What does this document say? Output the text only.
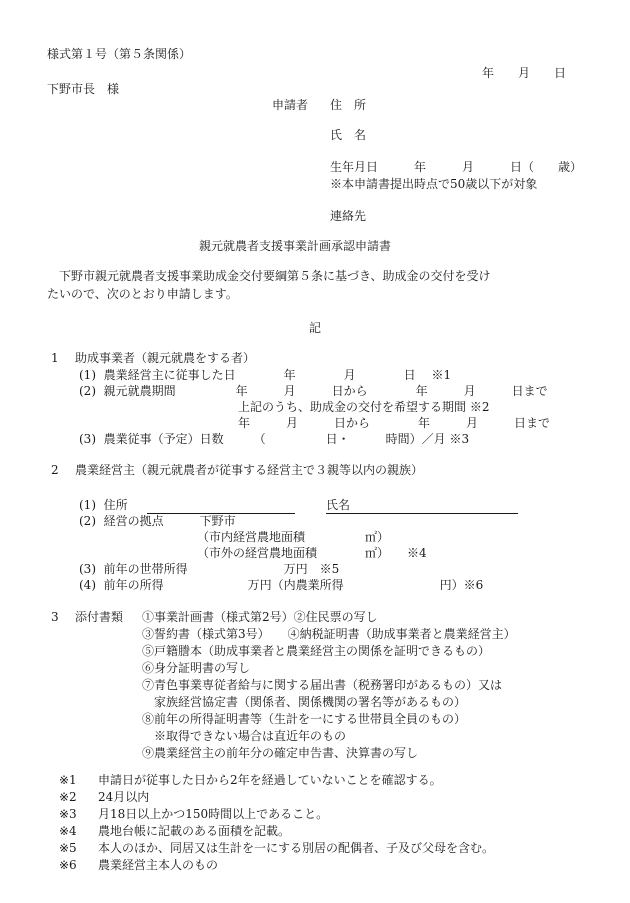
様式第１号（第５条関係）
年　　月　　日
下野市長　様
申請者 住　所
氏　名
生年月日　　　年　　　月　　　日（　　歳）
※本申請書提出時点で50歳以下が対象
連絡先
親元就農者支援事業計画承認申請書
下野市親元就農者支援事業助成金交付要綱第５条に基づき、助成金の交付を受け
たいので、次のとおり申請します。
記
1 助成事業者（親元就農をする者）
(1)  農業経営主に従事した日　　　　年　　　　月　　　　日　 ※1
(2)  親元就農期間　　　　　年　　　月　　　日から　　　　年　　　月　　　日まで
上記のうち、助成金の交付を希望する期間 ※2
年　　　月　　　日から　　　　年　　　月　　　日まで
(3)  農業従事（予定）日数　　　（　　　　　日・　　　時間）／月 ※3
2 農業経営主（親元就農者が従事する経営主で３親等以内の親族）
(1)  住所	氏名
(2)  経営の拠点　　　下野市
（市内経営農地面積　　　　　㎡）
（市外の経営農地面積　　　　㎡）　　※4
(3)  前年の世帯所得　　　　　　　　万円　※5
(4)  前年の所得　　　　　　　万円（内農業所得　　　　　　　　円）※6
3 添付書類 ①事業計画書（様式第2号）②住民票の写し
③誓約書（様式第3号）　　④納税証明書（助成事業者と農業経営主）
⑤戸籍謄本（助成事業者と農業経営主の関係を証明できるもの）
⑥身分証明書の写し
⑦青色事業専従者給与に関する届出書（税務署印があるもの）又は
　家族経営協定書（関係者、関係機関の署名等があるもの）
⑧前年の所得証明書等（生計を一にする世帯員全員のもの）
　※取得できない場合は直近年のもの
⑨農業経営主の前年分の確定申告書、決算書の写し
※1 申請日が従事した日から2年を経過していないことを確認する。
※2 24月以内
※3 月18日以上かつ150時間以上であること。
※4 農地台帳に記載のある面積を記載。
※5 本人のほか、同居又は生計を一にする別居の配偶者、子及び父母を含む。
※6 農業経営主本人のもの
